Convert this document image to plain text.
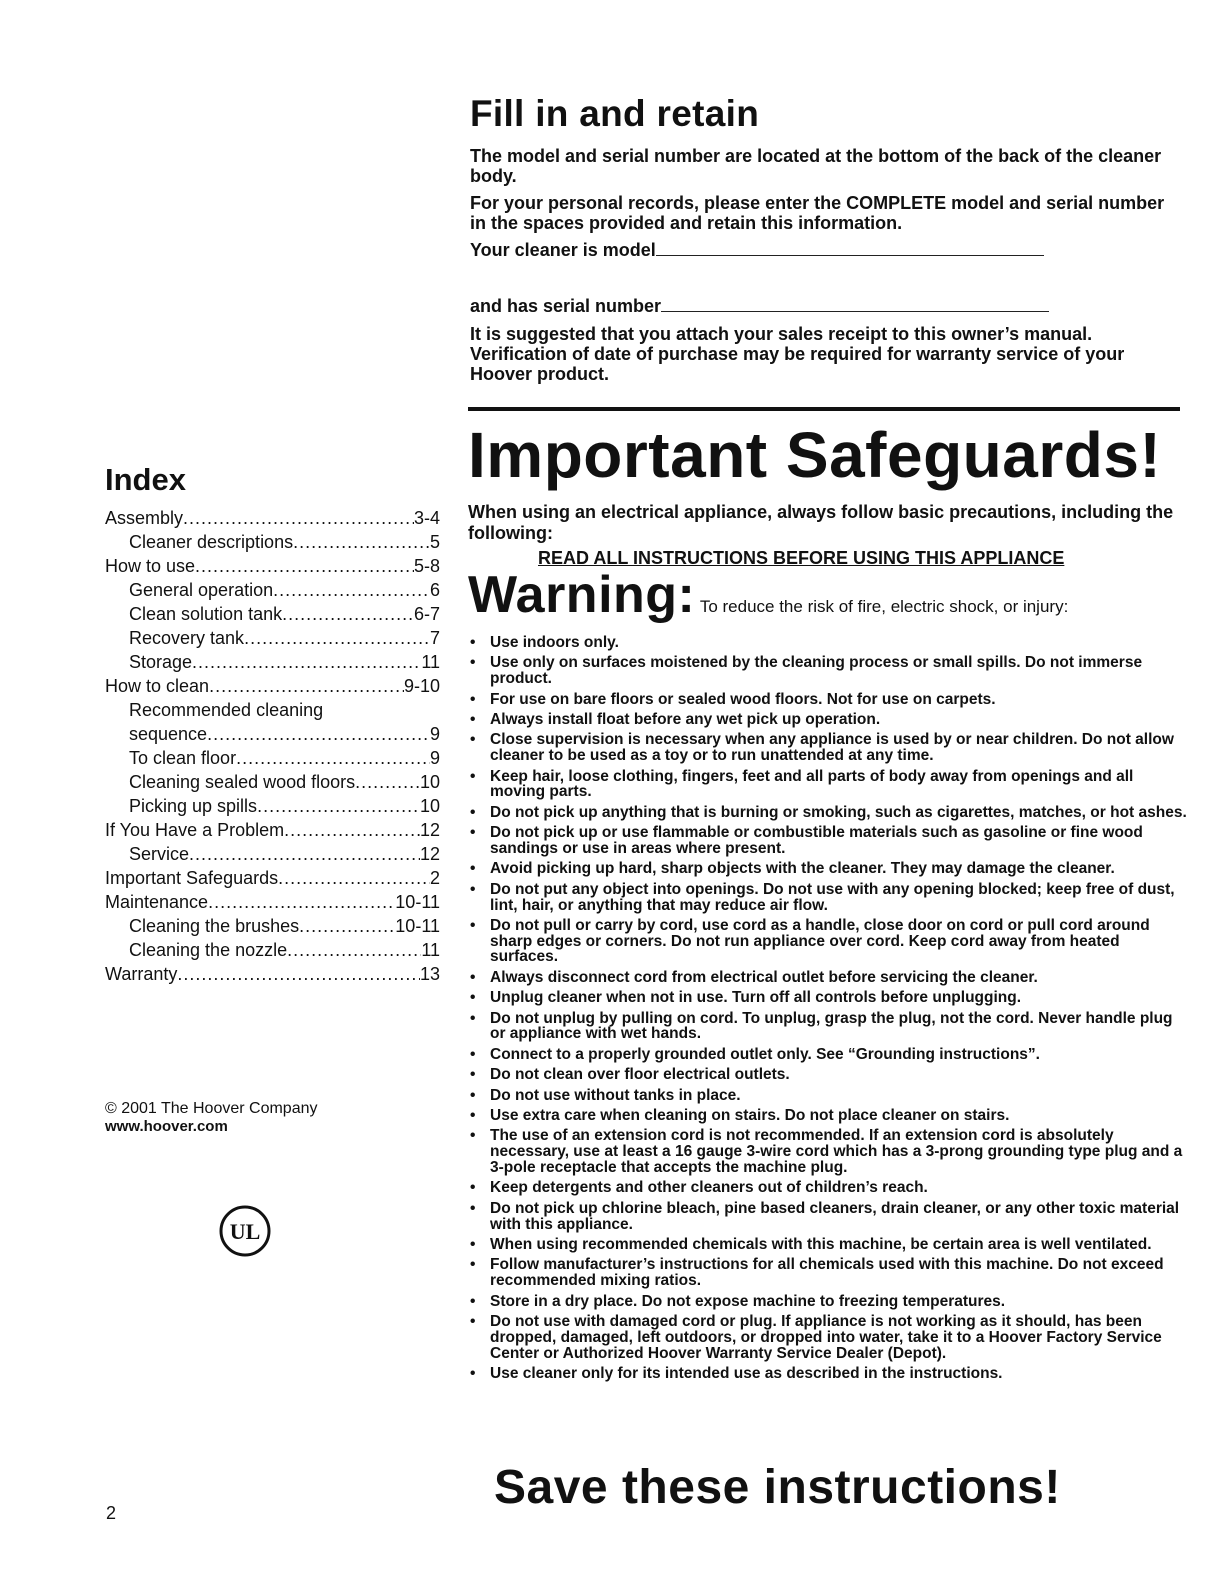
Fill in and retain

The model and serial number are located at the bottom of the back of the cleaner body.

For your personal records, please enter the COMPLETE model and serial number in the spaces provided and retain this information.

Your cleaner is model
and has serial number

It is suggested that you attach your sales receipt to this owner’s manual. Verification of date of purchase may be required for warranty service of your Hoover product.

Important Safeguards!

When using an electrical appliance, always follow basic precautions, including the following:

READ ALL INSTRUCTIONS BEFORE USING THIS APPLIANCE

Warning: To reduce the risk of fire, electric shock, or injury:
• Use indoors only.
• Use only on surfaces moistened by the cleaning process or small spills. Do not immerse product.
• For use on bare floors or sealed wood floors. Not for use on carpets.
• Always install float before any wet pick up operation.
• Close supervision is necessary when any appliance is used by or near children. Do not allow cleaner to be used as a toy or to run unattended at any time.
• Keep hair, loose clothing, fingers, feet and all parts of body away from openings and all moving parts.
• Do not pick up anything that is burning or smoking, such as cigarettes, matches, or hot ashes.
• Do not pick up or use flammable or combustible materials such as gasoline or fine wood sandings or use in areas where present.
• Avoid picking up hard, sharp objects with the cleaner. They may damage the cleaner.
• Do not put any object into openings. Do not use with any opening blocked; keep free of dust, lint, hair, or anything that may reduce air flow.
• Do not pull or carry by cord, use cord as a handle, close door on cord or pull cord around sharp edges or corners. Do not run appliance over cord. Keep cord away from heated surfaces.
• Always disconnect cord from electrical outlet before servicing the cleaner.
• Unplug cleaner when not in use. Turn off all controls before unplugging.
• Do not unplug by pulling on cord. To unplug, grasp the plug, not the cord. Never handle plug or appliance with wet hands.
• Connect to a properly grounded outlet only. See “Grounding instructions”.
• Do not clean over floor electrical outlets.
• Do not use without tanks in place.
• Use extra care when cleaning on stairs. Do not place cleaner on stairs.
• The use of an extension cord is not recommended. If an extension cord is absolutely necessary, use at least a 16 gauge 3-wire cord which has a 3-prong grounding type plug and a 3-pole receptacle that accepts the machine plug.
• Keep detergents and other cleaners out of children’s reach.
• Do not pick up chlorine bleach, pine based cleaners, drain cleaner, or any other toxic material with this appliance.
• When using recommended chemicals with this machine, be certain area is well ventilated.
• Follow manufacturer’s instructions for all chemicals used with this machine. Do not exceed recommended mixing ratios.
• Store in a dry place. Do not expose machine to freezing temperatures.
• Do not use with damaged cord or plug. If appliance is not working as it should, has been dropped, damaged, left outdoors, or dropped into water, take it to a Hoover Factory Service Center or Authorized Hoover Warranty Service Dealer (Depot).
• Use cleaner only for its intended use as described in the instructions.

Save these instructions!

Index
Assembly .....	3-4
Cleaner descriptions .....	5
How to use .....	5-8
General operation .....	6
Clean solution tank .....	6-7
Recovery tank .....	7
Storage .....	11
How to clean .....	9-10
Recommended cleaning
sequence .....	9
To clean floor .....	9
Cleaning sealed wood floors .....	10
Picking up spills .....	10
If You Have a Problem .....	12
Service .....	12
Important Safeguards .....	2
Maintenance .....	10-11
Cleaning the brushes .....	10-11
Cleaning the nozzle .....	11
Warranty .....	13
© 2001 The Hoover Company
www.hoover.com
UL
2
